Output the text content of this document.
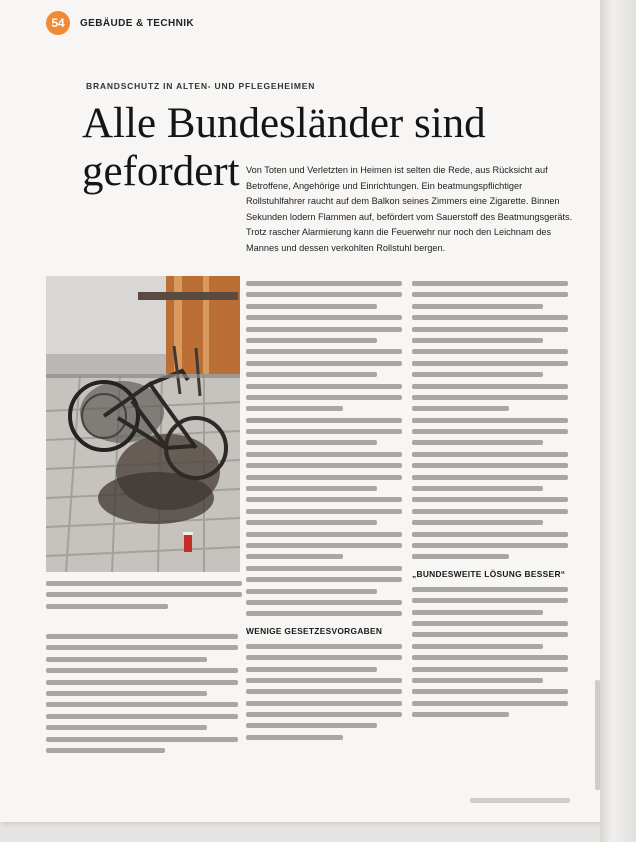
54	GEBÄUDE & TECHNIK
BRANDSCHUTZ IN ALTEN- UND PFLEGEHEIMEN
Alle Bundesländer sind gefordert Von Toten und Verletzten in Heimen ist selten die Rede, aus Rücksicht auf Betroffene, Angehörige und Einrichtungen. Ein beatmungspflichtiger Rollstuhlfahrer raucht auf dem Balkon seines Zimmers eine Zigarette. Binnen Sekunden lodern Flammen auf, befördert vom Sauerstoff des Beatmungsgeräts. Trotz rascher Alarmierung kann die Feuerwehr nur noch den Leichnam des Mannes und dessen verkohlten Rollstuhl bergen.
WENIGE GESETZESVORGABEN
„BUNDESWEITE LÖSUNG BESSER“
